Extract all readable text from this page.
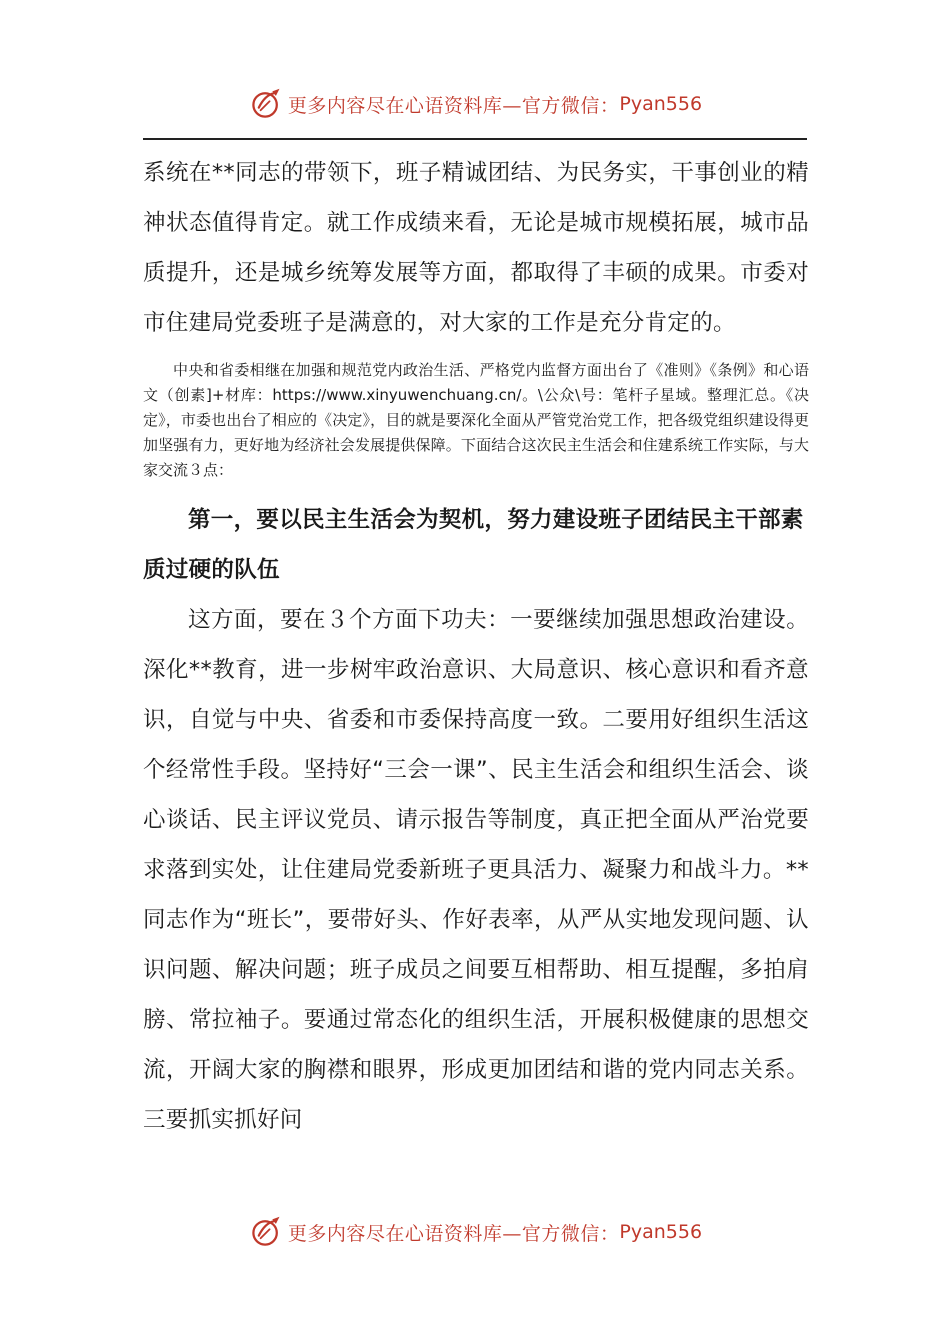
更多内容尽在心语资料库—官方微信： Pyan556

系统在**同志的带领下，班子精诚团结、为民务实，干事创业的精神状态值得肯定。就工作成绩来看，无论是城市规模拓展，城市品质提升，还是城乡统筹发展等方面，都取得了丰硕的成果。市委对市住建局党委班子是满意的，对大家的工作是充分肯定的。

中央和省委相继在加强和规范党内政治生活、严格党内监督方面出台了《准则》《条例》和心语文（创素]+材库：https://www.xinyuwenchuang.cn/。\公众\号：笔杆子星域。整理汇总。《决定》，市委也出台了相应的《决定》，目的就是要深化全面从严管党治党工作，把各级党组织建设得更加坚强有力，更好地为经济社会发展提供保障。下面结合这次民主生活会和住建系统工作实际，与大家交流３点：

第一，要以民主生活会为契机，努力建设班子团结民主干部素质过硬的队伍

这方面，要在３个方面下功夫：一要继续加强思想政治建设。深化**教育，进一步树牢政治意识、大局意识、核心意识和看齐意识，自觉与中央、省委和市委保持高度一致。二要用好组织生活这个经常性手段。坚持好“三会一课”、民主生活会和组织生活会、谈心谈话、民主评议党员、请示报告等制度，真正把全面从严治党要求落到实处，让住建局党委新班子更具活力、凝聚力和战斗力。**同志作为“班长”，要带好头、作好表率，从严从实地发现问题、认识问题、解决问题；班子成员之间要互相帮助、相互提醒，多拍肩膀、常拉袖子。要通过常态化的组织生活，开展积极健康的思想交流，开阔大家的胸襟和眼界，形成更加团结和谐的党内同志关系。三要抓实抓好问

更多内容尽在心语资料库—官方微信： Pyan556
